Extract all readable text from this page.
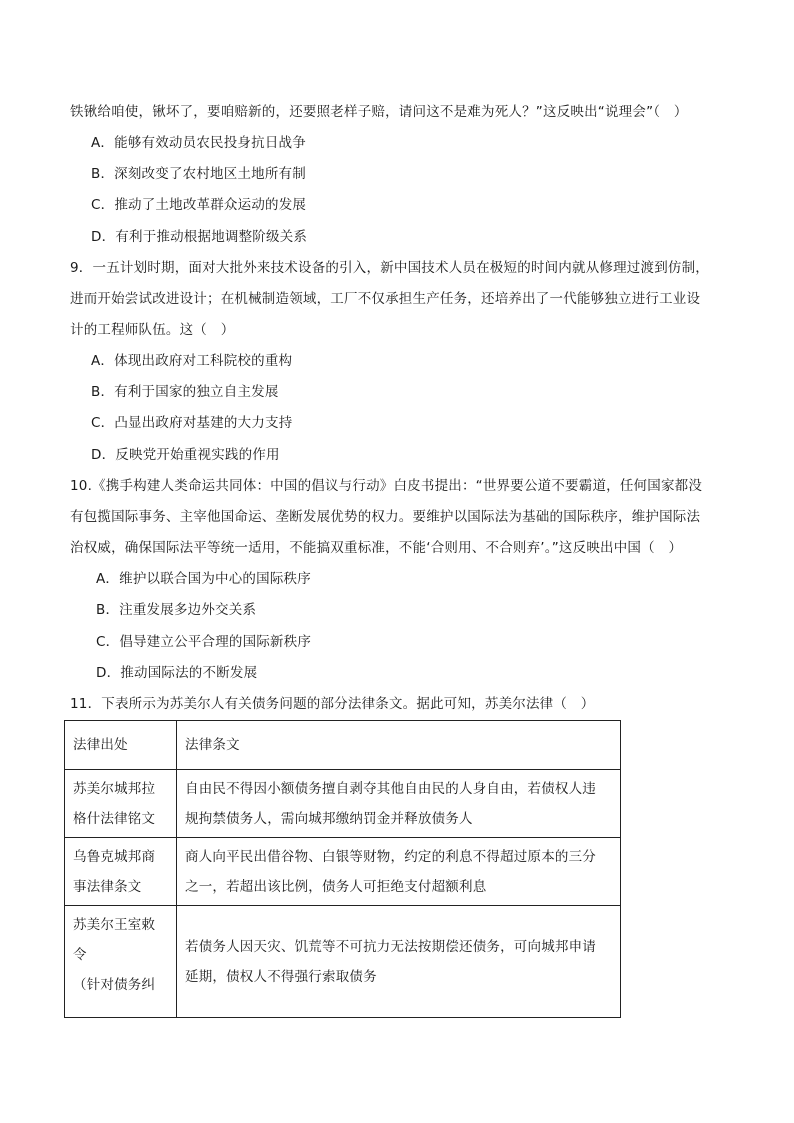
铁锹给咱使，锹坏了，要咱赔新的，还要照老样子赔，请问这不是难为死人？”这反映出“说理会”（　）
A．能够有效动员农民投身抗日战争
B．深刻改变了农村地区土地所有制
C．推动了土地改革群众运动的发展
D．有利于推动根据地调整阶级关系
9．一五计划时期，面对大批外来技术设备的引入，新中国技术人员在极短的时间内就从修理过渡到仿制，
进而开始尝试改进设计；在机械制造领域，工厂不仅承担生产任务，还培养出了一代能够独立进行工业设
计的工程师队伍。这（　）
A．体现出政府对工科院校的重构
B．有利于国家的独立自主发展
C．凸显出政府对基建的大力支持
D．反映党开始重视实践的作用
10.《携手构建人类命运共同体：中国的倡议与行动》白皮书提出：“世界要公道不要霸道，任何国家都没
有包揽国际事务、主宰他国命运、垄断发展优势的权力。要维护以国际法为基础的国际秩序，维护国际法
治权威，确保国际法平等统一适用，不能搞双重标准，不能‘合则用、不合则弃’。”这反映出中国（　）
A．维护以联合国为中心的国际秩序
B．注重发展多边外交关系
C．倡导建立公平合理的国际新秩序
D．推动国际法的不断发展
11．下表所示为苏美尔人有关债务问题的部分法律条文。据此可知，苏美尔法律（　）
法律出处	法律条文

苏美尔城邦拉
格什法律铭文	自由民不得因小额债务擅自剥夺其他自由民的人身自由，若债权人违
规拘禁债务人，需向城邦缴纳罚金并释放债务人

乌鲁克城邦商
事法律条文	商人向平民出借谷物、白银等财物，约定的利息不得超过原本的三分
之一，若超出该比例，债务人可拒绝支付超额利息

苏美尔王室敕
令
（针对债务纠	若债务人因天灾、饥荒等不可抗力无法按期偿还债务，可向城邦申请
延期，债权人不得强行索取债务
